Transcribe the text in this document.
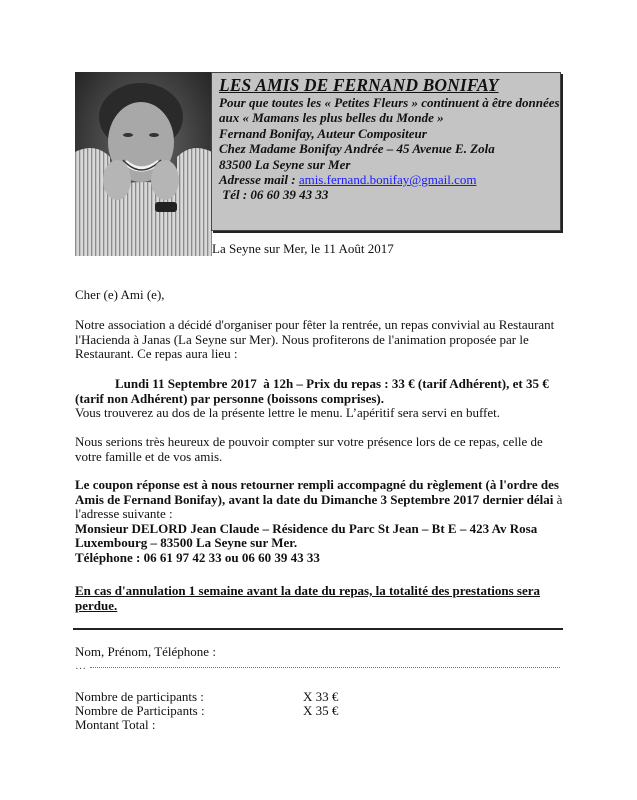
LES AMIS DE FERNAND BONIFAY
Pour que toutes les « Petites Fleurs » continuent à être données
aux « Mamans les plus belles du Monde »
Fernand Bonifay, Auteur Compositeur
Chez Madame Bonifay Andrée – 45 Avenue E. Zola
83500 La Seyne sur Mer
Adresse mail : amis.fernand.bonifay@gmail.com
Tél : 06 60 39 43 33
La Seyne sur Mer, le 11 Août 2017
Cher (e) Ami (e),
Notre association a décidé d'organiser pour fêter la rentrée, un repas convivial au Restaurant
l'Hacienda à Janas (La Seyne sur Mer). Nous profiterons de l'animation proposée par le
Restaurant. Ce repas aura lieu :
Lundi 11 Septembre 2017  à 12h – Prix du repas : 33 € (tarif Adhérent), et 35 €
(tarif non Adhérent) par personne (boissons comprises).
Vous trouverez au dos de la présente lettre le menu. L’apéritif sera servi en buffet.
Nous serions très heureux de pouvoir compter sur votre présence lors de ce repas, celle de
votre famille et de vos amis.
Le coupon réponse est à nous retourner rempli accompagné du règlement (à l'ordre des
Amis de Fernand Bonifay), avant la date du Dimanche 3 Septembre 2017 dernier délai à
l'adresse suivante :
Monsieur DELORD Jean Claude – Résidence du Parc St Jean – Bt E – 423 Av Rosa
Luxembourg – 83500 La Seyne sur Mer.
Téléphone : 06 61 97 42 33 ou 06 60 39 43 33
En cas d'annulation 1 semaine avant la date du repas, la totalité des prestations sera
perdue.
Nom, Prénom, Téléphone :
…
Nombre de participants :	X 33 €
Nombre de Participants :	X 35 €
Montant Total :
